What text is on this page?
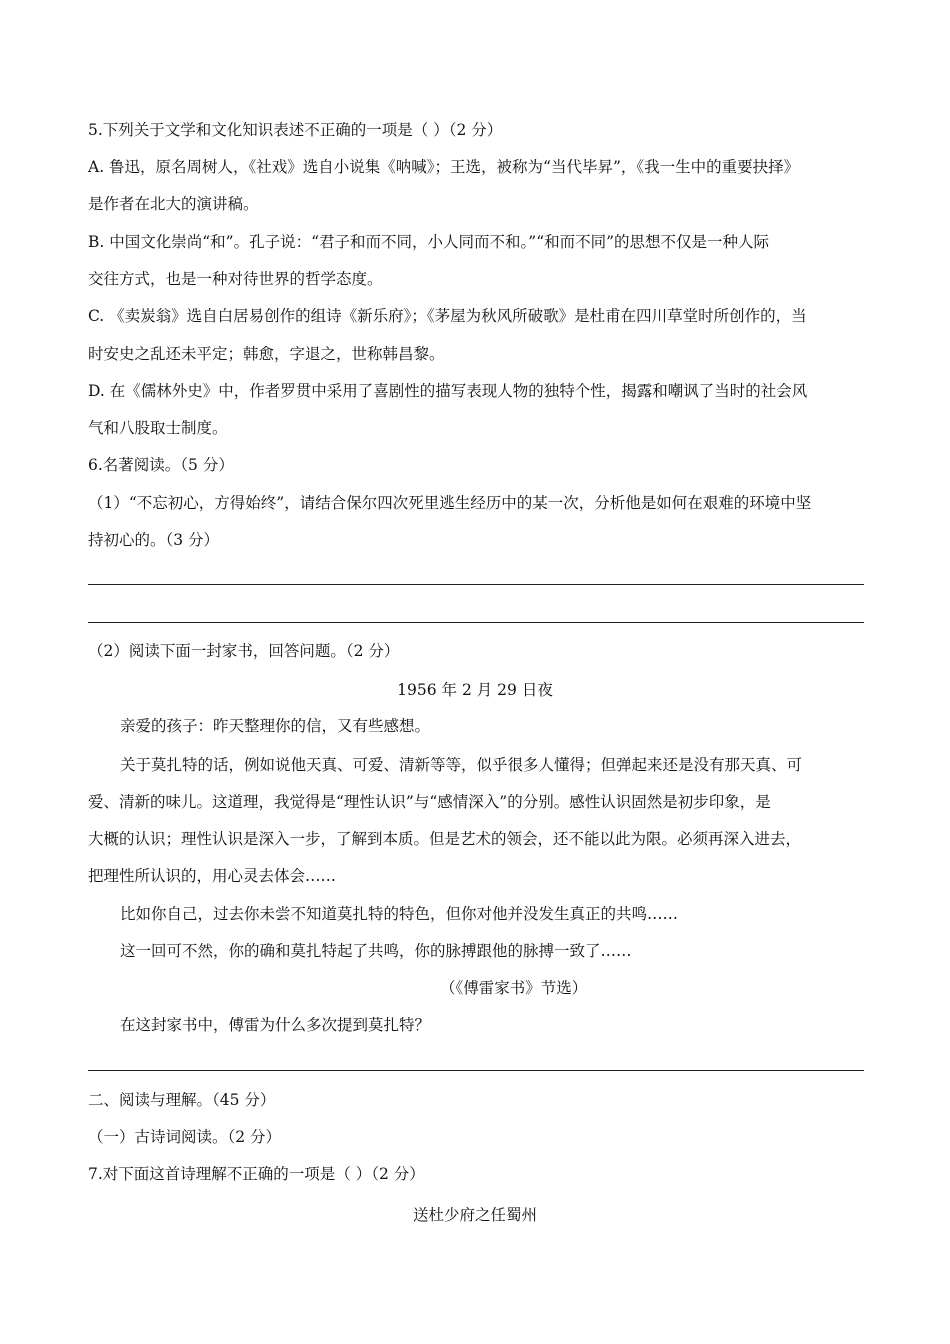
5.下列关于文学和文化知识表述不正确的一项是（ ）（2 分）
A. 鲁迅，原名周树人，《社戏》选自小说集《呐喊》；王选，被称为“当代毕昇”，《我一生中的重要抉择》
是作者在北大的演讲稿。
B. 中国文化崇尚“和”。孔子说：“君子和而不同，小人同而不和。”“和而不同”的思想不仅是一种人际
交往方式，也是一种对待世界的哲学态度。
C. 《卖炭翁》选自白居易创作的组诗《新乐府》；《茅屋为秋风所破歌》是杜甫在四川草堂时所创作的，当
时安史之乱还未平定；韩愈，字退之，世称韩昌黎。
D. 在《儒林外史》中，作者罗贯中采用了喜剧性的描写表现人物的独特个性，揭露和嘲讽了当时的社会风
气和八股取士制度。
6.名著阅读。（5 分）
（1）“不忘初心，方得始终”，请结合保尔四次死里逃生经历中的某一次，分析他是如何在艰难的环境中坚
持初心的。（3 分）
（2）阅读下面一封家书，回答问题。（2 分）
1956 年 2 月 29 日夜
亲爱的孩子：昨天整理你的信，又有些感想。
关于莫扎特的话，例如说他天真、可爱、清新等等，似乎很多人懂得；但弹起来还是没有那天真、可
爱、清新的味儿。这道理，我觉得是“理性认识”与“感情深入”的分别。感性认识固然是初步印象，是
大概的认识；理性认识是深入一步，了解到本质。但是艺术的领会，还不能以此为限。必须再深入进去，
把理性所认识的，用心灵去体会……
比如你自己，过去你未尝不知道莫扎特的特色，但你对他并没发生真正的共鸣……
这一回可不然，你的确和莫扎特起了共鸣，你的脉搏跟他的脉搏一致了……
（《傅雷家书》节选）
在这封家书中，傅雷为什么多次提到莫扎特？
二、阅读与理解。（45 分）
（一）古诗词阅读。（2 分）
7.对下面这首诗理解不正确的一项是（ ）（2 分）
送杜少府之任蜀州
